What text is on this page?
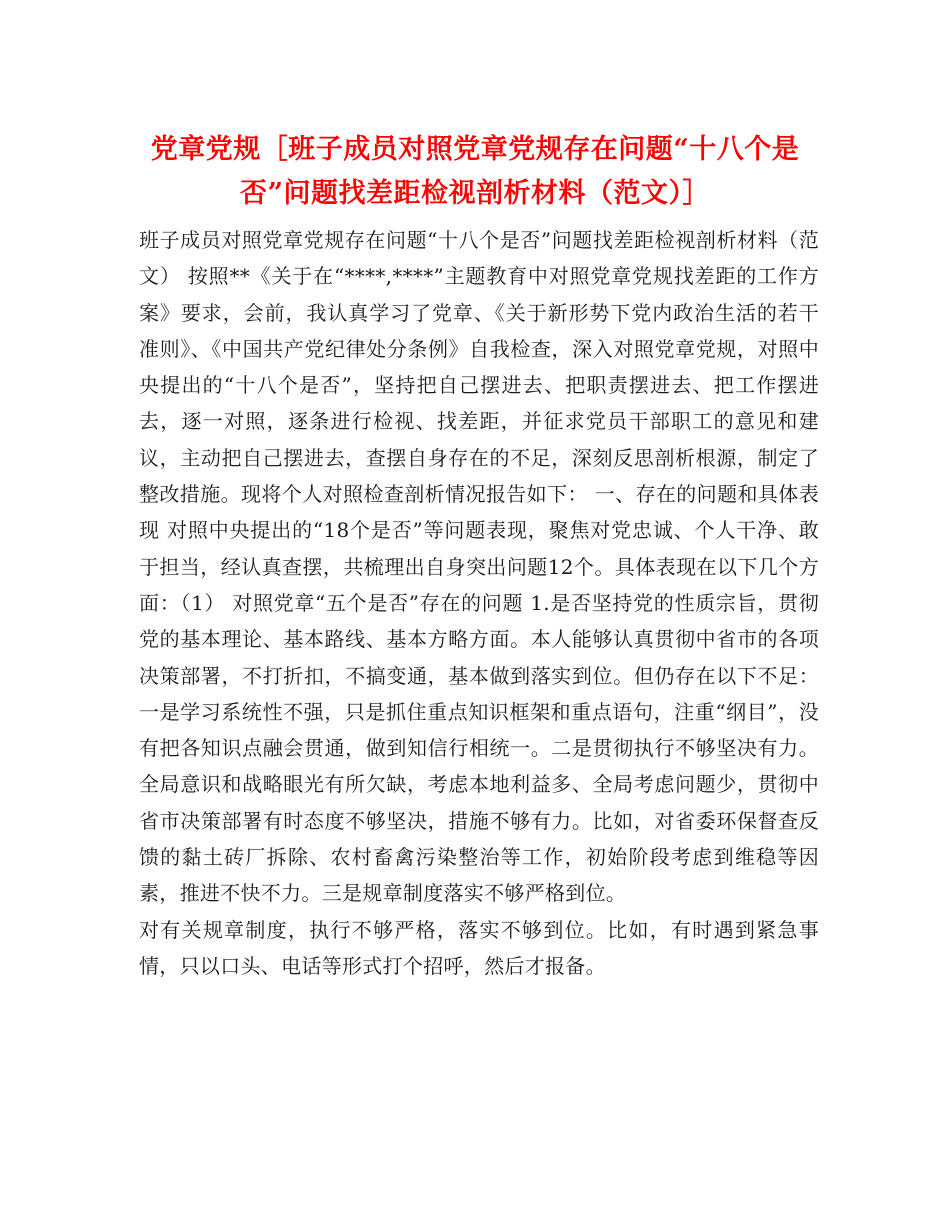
党章党规［班子成员对照党章党规存在问题“十八个是否”问题找差距检视剖析材料（范文）］

班子成员对照党章党规存在问题“十八个是否”问题找差距检视剖析材料（范文） 按照**《关于在“****,****”主题教育中对照党章党规找差距的工作方案》要求，会前，我认真学习了党章、《关于新形势下党内政治生活的若干准则》、《中国共产党纪律处分条例》自我检查，深入对照党章党规，对照中央提出的“十八个是否”，坚持把自己摆进去、把职责摆进去、把工作摆进去，逐一对照，逐条进行检视、找差距，并征求党员干部职工的意见和建议，主动把自己摆进去，查摆自身存在的不足，深刻反思剖析根源，制定了整改措施。现将个人对照检查剖析情况报告如下： 一、存在的问题和具体表现 对照中央提出的“18个是否”等问题表现，聚焦对党忠诚、个人干净、敢于担当，经认真查摆，共梳理出自身突出问题12个。具体表现在以下几个方面：（1） 对照党章“五个是否”存在的问题 1.是否坚持党的性质宗旨，贯彻党的基本理论、基本路线、基本方略方面。本人能够认真贯彻中省市的各项决策部署，不打折扣，不搞变通，基本做到落实到位。但仍存在以下不足：一是学习系统性不强，只是抓住重点知识框架和重点语句，注重“纲目”，没有把各知识点融会贯通，做到知信行相统一。二是贯彻执行不够坚决有力。全局意识和战略眼光有所欠缺，考虑本地利益多、全局考虑问题少，贯彻中省市决策部署有时态度不够坚决，措施不够有力。比如，对省委环保督查反馈的黏土砖厂拆除、农村畜禽污染整治等工作，初始阶段考虑到维稳等因素，推进不快不力。三是规章制度落实不够严格到位。

对有关规章制度，执行不够严格，落实不够到位。比如，有时遇到紧急事情，只以口头、电话等形式打个招呼，然后才报备。
